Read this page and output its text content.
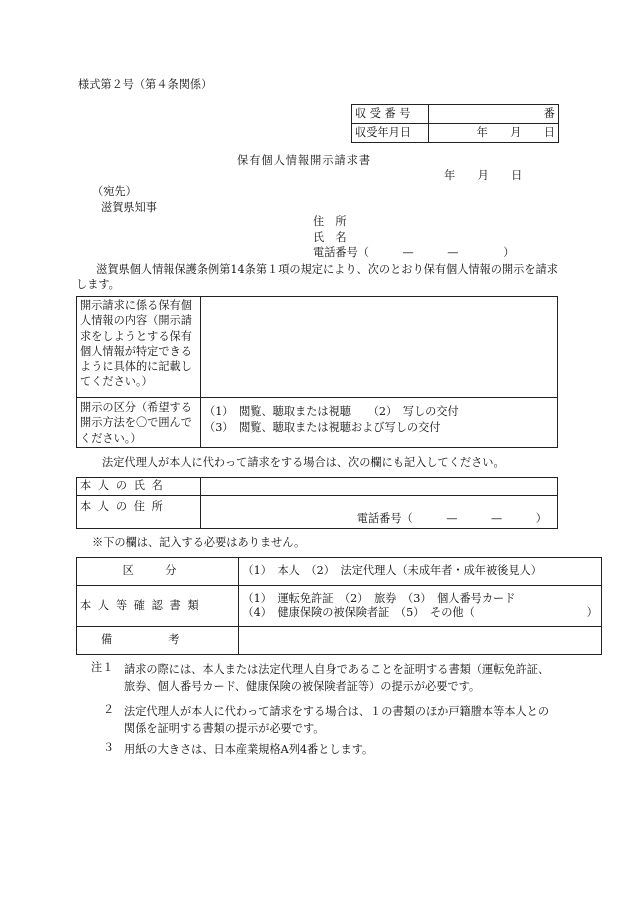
様式第２号（第４条関係）
収 受 番 号	番
収受年月日	年　　月　　日
保有個人情報開示請求書
年　　月　　日
（宛先）
滋賀県知事
住　所
氏　名
電話番号（　　　—　　　—　　　　）
滋賀県個人情報保護条例第14条第１項の規定により、次のとおり保有個人情報の開示を請求します。
開示請求に係る保有個人情報の内容（開示請求をしようとする保有個人情報が特定できるように具体的に記載してください。）	
開示の区分（希望する開示方法を〇で囲んでください。）	（1）　閲覧、聴取または視聴　　（2）　写しの交付
（3）　閲覧、聴取または視聴および写しの交付
法定代理人が本人に代わって請求をする場合は、次の欄にも記入してください。
本人の氏名	
本人の住所	電話番号（　　　—　　　—　　　）
※下の欄は、記入する必要はありません。
区分	（1）　本人　（2）　法定代理人（未成年者・成年被後見人）
本人等確認書類	（1）　運転免許証　（2）　旅券　（3）　個人番号カード
（4）　健康保険の被保険者証　（5）　その他（　　　　　　　　　　）

備考	
注１ 請求の際には、本人または法定代理人自身であることを証明する書類（運転免許証、旅券、個人番号カード、健康保険の被保険者証等）の提示が必要です。
２ 法定代理人が本人に代わって請求をする場合は、１の書類のほか戸籍謄本等本人との関係を証明する書類の提示が必要です。
３ 用紙の大きさは、日本産業規格A列4番とします。
